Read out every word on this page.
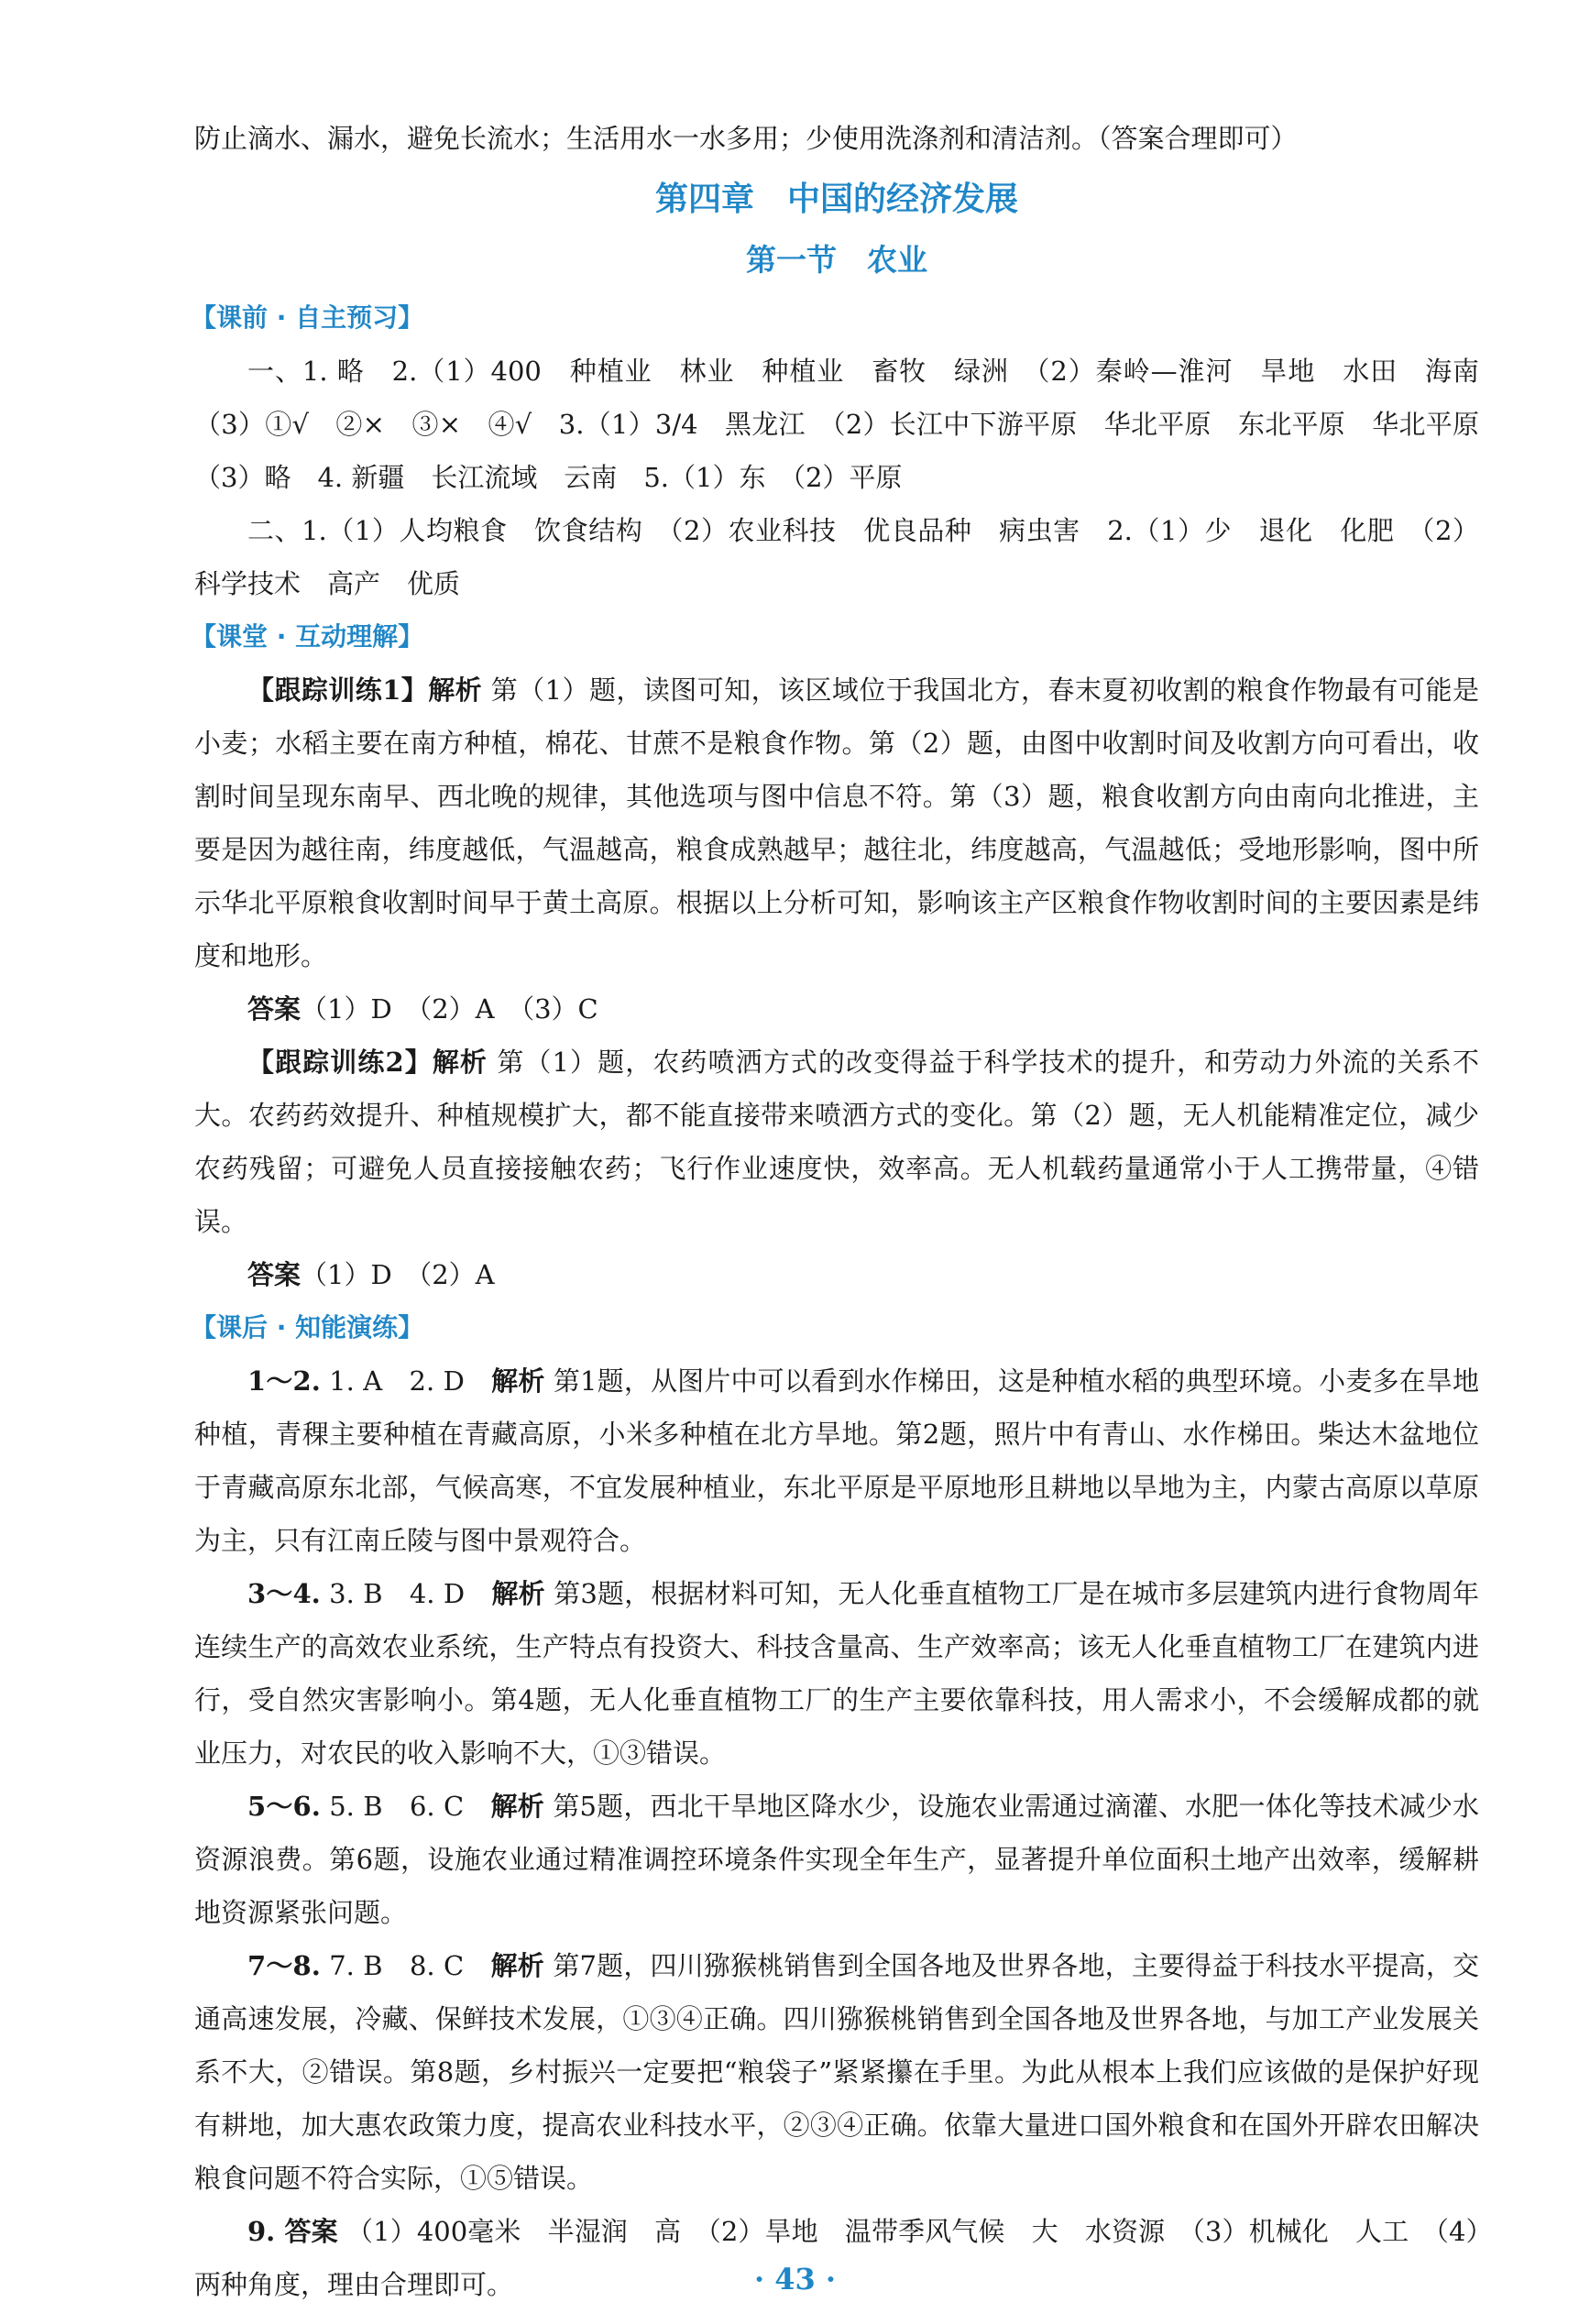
防止滴水、漏水，避免长流水；生活用水一水多用；少使用洗涤剂和清洁剂。（答案合理即可）

第四章　中国的经济发展
第一节　农业
【课前 · 自主预习】

一、1. 略　2.（1）400　种植业　林业　种植业　畜牧　绿洲　（2）秦岭—淮河　旱地　水田　海南　（3）①√　②×　③×　④√　3.（1）3/4　黑龙江　（2）长江中下游平原　华北平原　东北平原　华北平原　（3）略　4. 新疆　长江流域　云南　5.（1）东　（2）平原

二、1.（1）人均粮食　饮食结构　（2）农业科技　优良品种　病虫害　2.（1）少　退化　化肥　（2）科学技术　高产　优质

【课堂 · 互动理解】

【跟踪训练1】解析 第（1）题，读图可知，该区域位于我国北方，春末夏初收割的粮食作物最有可能是小麦；水稻主要在南方种植，棉花、甘蔗不是粮食作物。第（2）题，由图中收割时间及收割方向可看出，收割时间呈现东南早、西北晚的规律，其他选项与图中信息不符。第（3）题，粮食收割方向由南向北推进，主要是因为越往南，纬度越低，气温越高，粮食成熟越早；越往北，纬度越高，气温越低；受地形影响，图中所示华北平原粮食收割时间早于黄土高原。根据以上分析可知，影响该主产区粮食作物收割时间的主要因素是纬度和地形。

答案（1）D　（2）A　（3）C

【跟踪训练2】解析 第（1）题，农药喷洒方式的改变得益于科学技术的提升，和劳动力外流的关系不大。农药药效提升、种植规模扩大，都不能直接带来喷洒方式的变化。第（2）题，无人机能精准定位，减少农药残留；可避免人员直接接触农药；飞行作业速度快，效率高。无人机载药量通常小于人工携带量，④错误。

答案（1）D　（2）A

【课后 · 知能演练】

1～2. 1. A　2. D　解析 第1题，从图片中可以看到水作梯田，这是种植水稻的典型环境。小麦多在旱地种植，青稞主要种植在青藏高原，小米多种植在北方旱地。第2题，照片中有青山、水作梯田。柴达木盆地位于青藏高原东北部，气候高寒，不宜发展种植业，东北平原是平原地形且耕地以旱地为主，内蒙古高原以草原为主，只有江南丘陵与图中景观符合。

3～4. 3. B　4. D　解析 第3题，根据材料可知，无人化垂直植物工厂是在城市多层建筑内进行食物周年连续生产的高效农业系统，生产特点有投资大、科技含量高、生产效率高；该无人化垂直植物工厂在建筑内进行，受自然灾害影响小。第4题，无人化垂直植物工厂的生产主要依靠科技，用人需求小，不会缓解成都的就业压力，对农民的收入影响不大，①③错误。

5～6. 5. B　6. C　解析 第5题，西北干旱地区降水少，设施农业需通过滴灌、水肥一体化等技术减少水资源浪费。第6题，设施农业通过精准调控环境条件实现全年生产，显著提升单位面积土地产出效率，缓解耕地资源紧张问题。

7～8. 7. B　8. C　解析 第7题，四川猕猴桃销售到全国各地及世界各地，主要得益于科技水平提高，交通高速发展，冷藏、保鲜技术发展，①③④正确。四川猕猴桃销售到全国各地及世界各地，与加工产业发展关系不大，②错误。第8题，乡村振兴一定要把“粮袋子”紧紧攥在手里。为此从根本上我们应该做的是保护好现有耕地，加大惠农政策力度，提高农业科技水平，②③④正确。依靠大量进口国外粮食和在国外开辟农田解决粮食问题不符合实际，①⑤错误。

9. 答案 （1）400毫米　半湿润　高　（2）旱地　温带季风气候　大　水资源　（3）机械化　人工　（4）两种角度，理由合理即可。	· 43 ·
